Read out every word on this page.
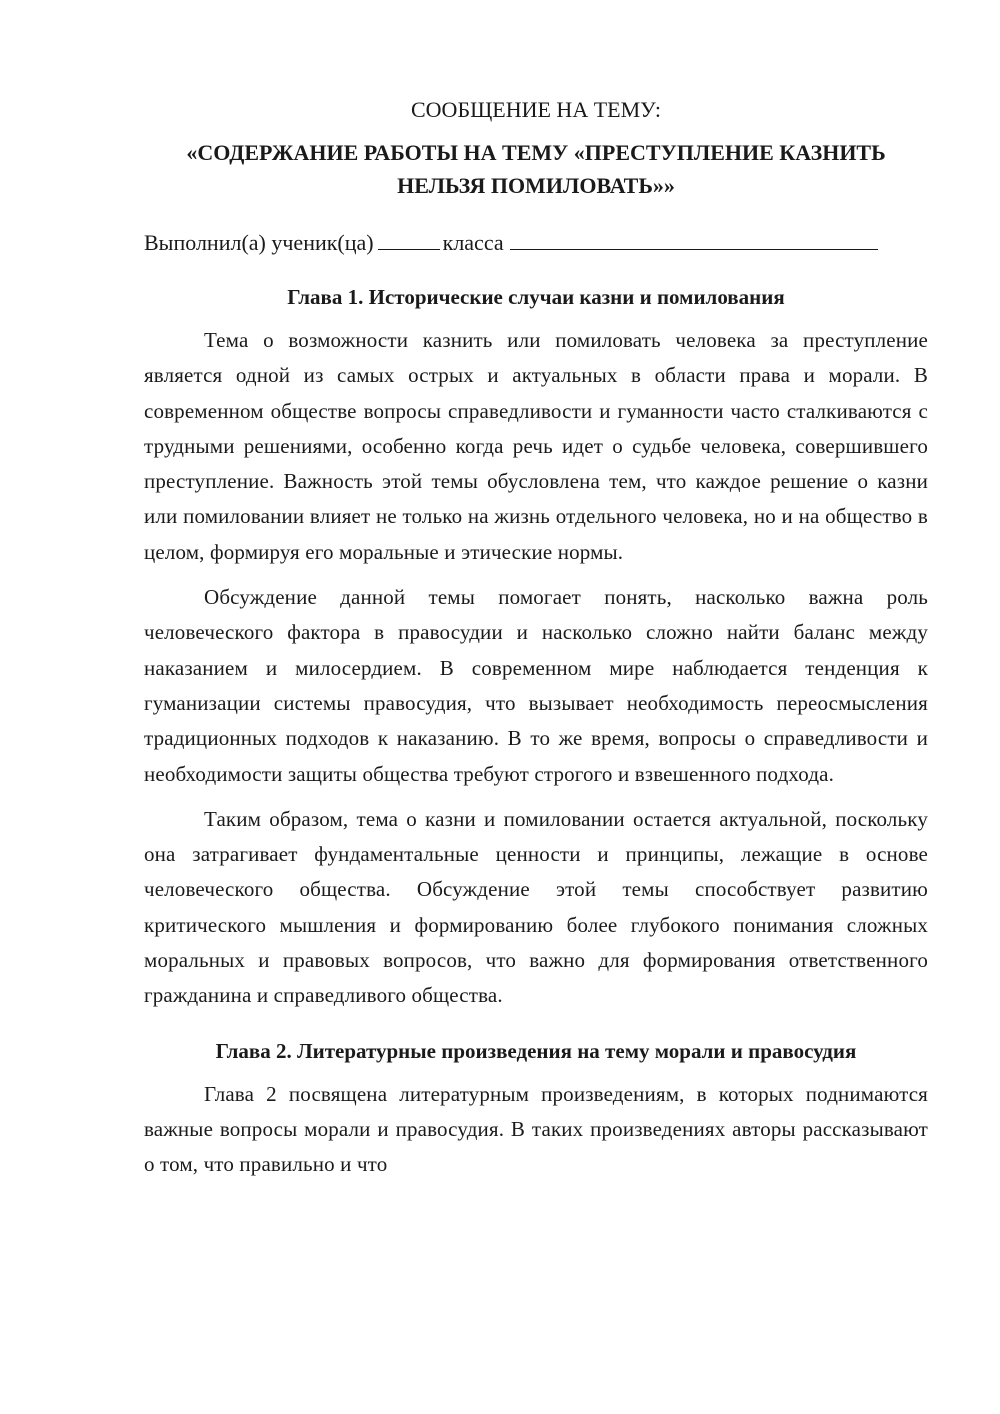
СООБЩЕНИЕ НА ТЕМУ:

«СОДЕРЖАНИЕ РАБОТЫ НА ТЕМУ «ПРЕСТУПЛЕНИЕ КАЗНИТЬ
НЕЛЬЗЯ ПОМИЛОВАТЬ»»
Выполнил(а) ученик(ца)	класса
Глава 1. Исторические случаи казни и помилования

Тема о возможности казнить или помиловать человека за преступление является одной из самых острых и актуальных в области права и морали. В современном обществе вопросы справедливости и гуманности часто сталкиваются с трудными решениями, особенно когда речь идет о судьбе человека, совершившего преступление. Важность этой темы обусловлена тем, что каждое решение о казни или помиловании влияет не только на жизнь отдельного человека, но и на общество в целом, формируя его моральные и этические нормы.

Обсуждение данной темы помогает понять, насколько важна роль человеческого фактора в правосудии и насколько сложно найти баланс между наказанием и милосердием. В современном мире наблюдается тенденция к гуманизации системы правосудия, что вызывает необходимость переосмысления традиционных подходов к наказанию. В то же время, вопросы о справедливости и необходимости защиты общества требуют строгого и взвешенного подхода.

Таким образом, тема о казни и помиловании остается актуальной, поскольку она затрагивает фундаментальные ценности и принципы, лежащие в основе человеческого общества. Обсуждение этой темы способствует развитию критического мышления и формированию более глубокого понимания сложных моральных и правовых вопросов, что важно для формирования ответственного гражданина и справедливого общества.

Глава 2. Литературные произведения на тему морали и правосудия

Глава 2 посвящена литературным произведениям, в которых поднимаются важные вопросы морали и правосудия. В таких произведениях авторы рассказывают о том, что правильно и что
